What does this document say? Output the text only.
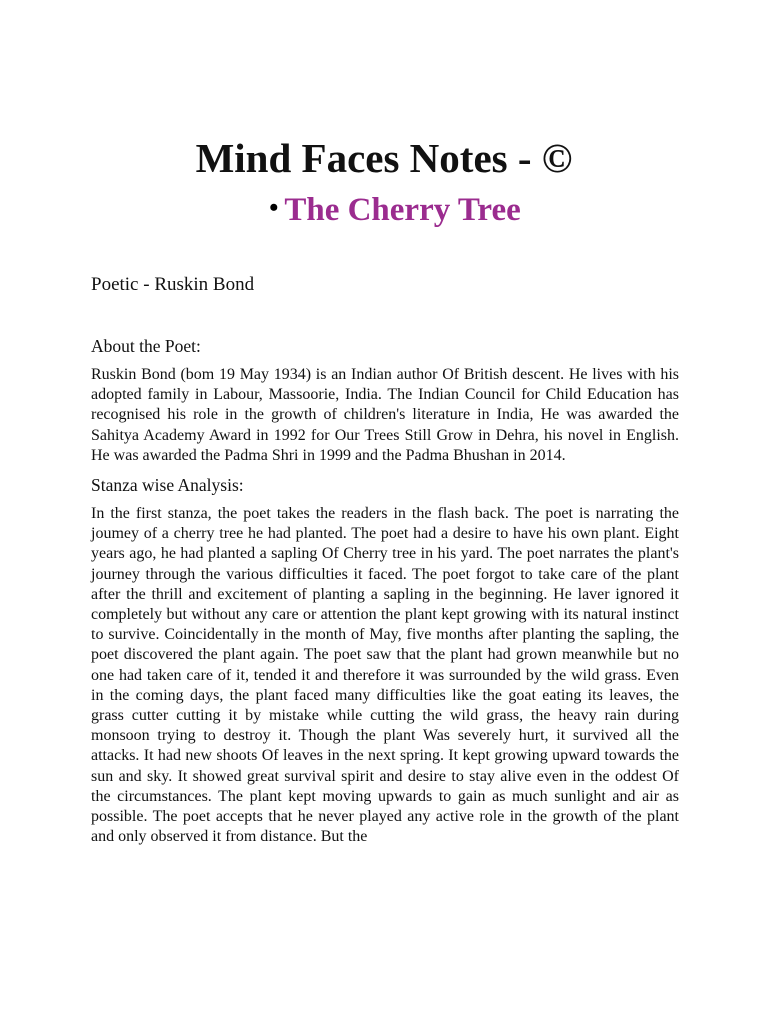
Mind Faces Notes - ©
• The Cherry Tree

Poetic - Ruskin Bond

About the Poet:

Ruskin Bond (bom 19 May 1934) is an Indian author Of British descent. He lives with his adopted family in Labour, Massoorie, India. The Indian Council for Child Education has recognised his role in the growth of children's literature in India, He was awarded the Sahitya Academy Award in 1992 for Our Trees Still Grow in Dehra, his novel in English. He was awarded the Padma Shri in 1999 and the Padma Bhushan in 2014.

Stanza wise Analysis:

In the first stanza, the poet takes the readers in the flash back. The poet is narrating the joumey of a cherry tree he had planted. The poet had a desire to have his own plant. Eight years ago, he had planted a sapling Of Cherry tree in his yard. The poet narrates the plant's journey through the various difficulties it faced. The poet forgot to take care of the plant after the thrill and excitement of planting a sapling in the beginning. He laver ignored it completely but without any care or attention the plant kept growing with its natural instinct to survive. Coincidentally in the month of May, five months after planting the sapling, the poet discovered the plant again. The poet saw that the plant had grown meanwhile but no one had taken care of it, tended it and therefore it was surrounded by the wild grass. Even in the coming days, the plant faced many difficulties like the goat eating its leaves, the grass cutter cutting it by mistake while cutting the wild grass, the heavy rain during monsoon trying to destroy it. Though the plant Was severely hurt, it survived all the attacks. It had new shoots Of leaves in the next spring. It kept growing upward towards the sun and sky. It showed great survival spirit and desire to stay alive even in the oddest Of the circumstances. The plant kept moving upwards to gain as much sunlight and air as possible. The poet accepts that he never played any active role in the growth of the plant and only observed it from distance. But the
